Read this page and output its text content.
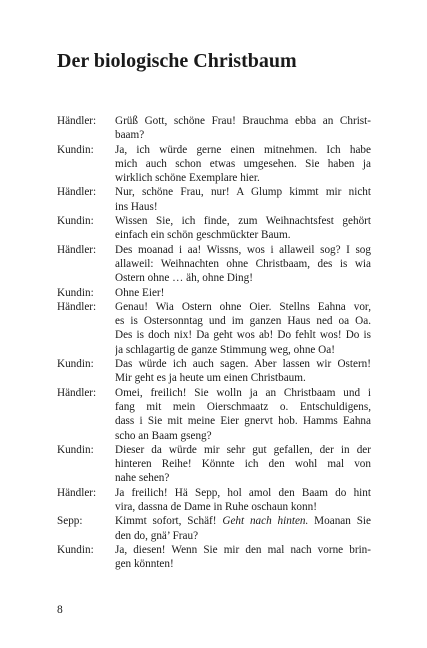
Der biologische Christbaum
Händler:	Grüß Gott, schöne Frau! Brauchma ebba an Christ-
baam?
Kundin:	Ja, ich würde gerne einen mitnehmen. Ich habe
mich auch schon etwas umgesehen. Sie haben ja
wirklich schöne Exemplare hier.
Händler:	Nur, schöne Frau, nur! A Glump kimmt mir nicht
ins Haus!
Kundin:	Wissen Sie, ich finde, zum Weihnachtsfest gehört
einfach ein schön geschmückter Baum.
Händler:	Des moanad i aa! Wissns, wos i allaweil sog? I sog
allaweil: Weihnachten ohne Christbaam, des is wia
Ostern ohne … äh, ohne Ding!
Kundin:	Ohne Eier!
Händler:	Genau! Wia Ostern ohne Oier. Stellns Eahna vor,
es is Ostersonntag und im ganzen Haus ned oa Oa.
Des is doch nix! Da geht wos ab! Do fehlt wos! Do is
ja schlagartig de ganze Stimmung weg, ohne Oa!
Kundin:	Das würde ich auch sagen. Aber lassen wir Ostern!
Mir geht es ja heute um einen Christbaum.
Händler:	Omei, freilich! Sie wolln ja an Christbaam und i
fang mit mein Oierschmaatz o. Entschuldigens,
dass i Sie mit meine Eier gnervt hob. Hamms Eahna
scho an Baam gseng?
Kundin:	Dieser da würde mir sehr gut gefallen, der in der
hinteren Reihe! Könnte ich den wohl mal von
nahe sehen?
Händler:	Ja freilich! Hä Sepp, hol amol den Baam do hint
vira, dassna de Dame in Ruhe oschaun konn!
Sepp:	Kimmt sofort, Schäf! Geht nach hinten. Moanan Sie
den do, gnä’ Frau?
Kundin:	Ja, diesen! Wenn Sie mir den mal nach vorne brin-
gen könnten!
8
